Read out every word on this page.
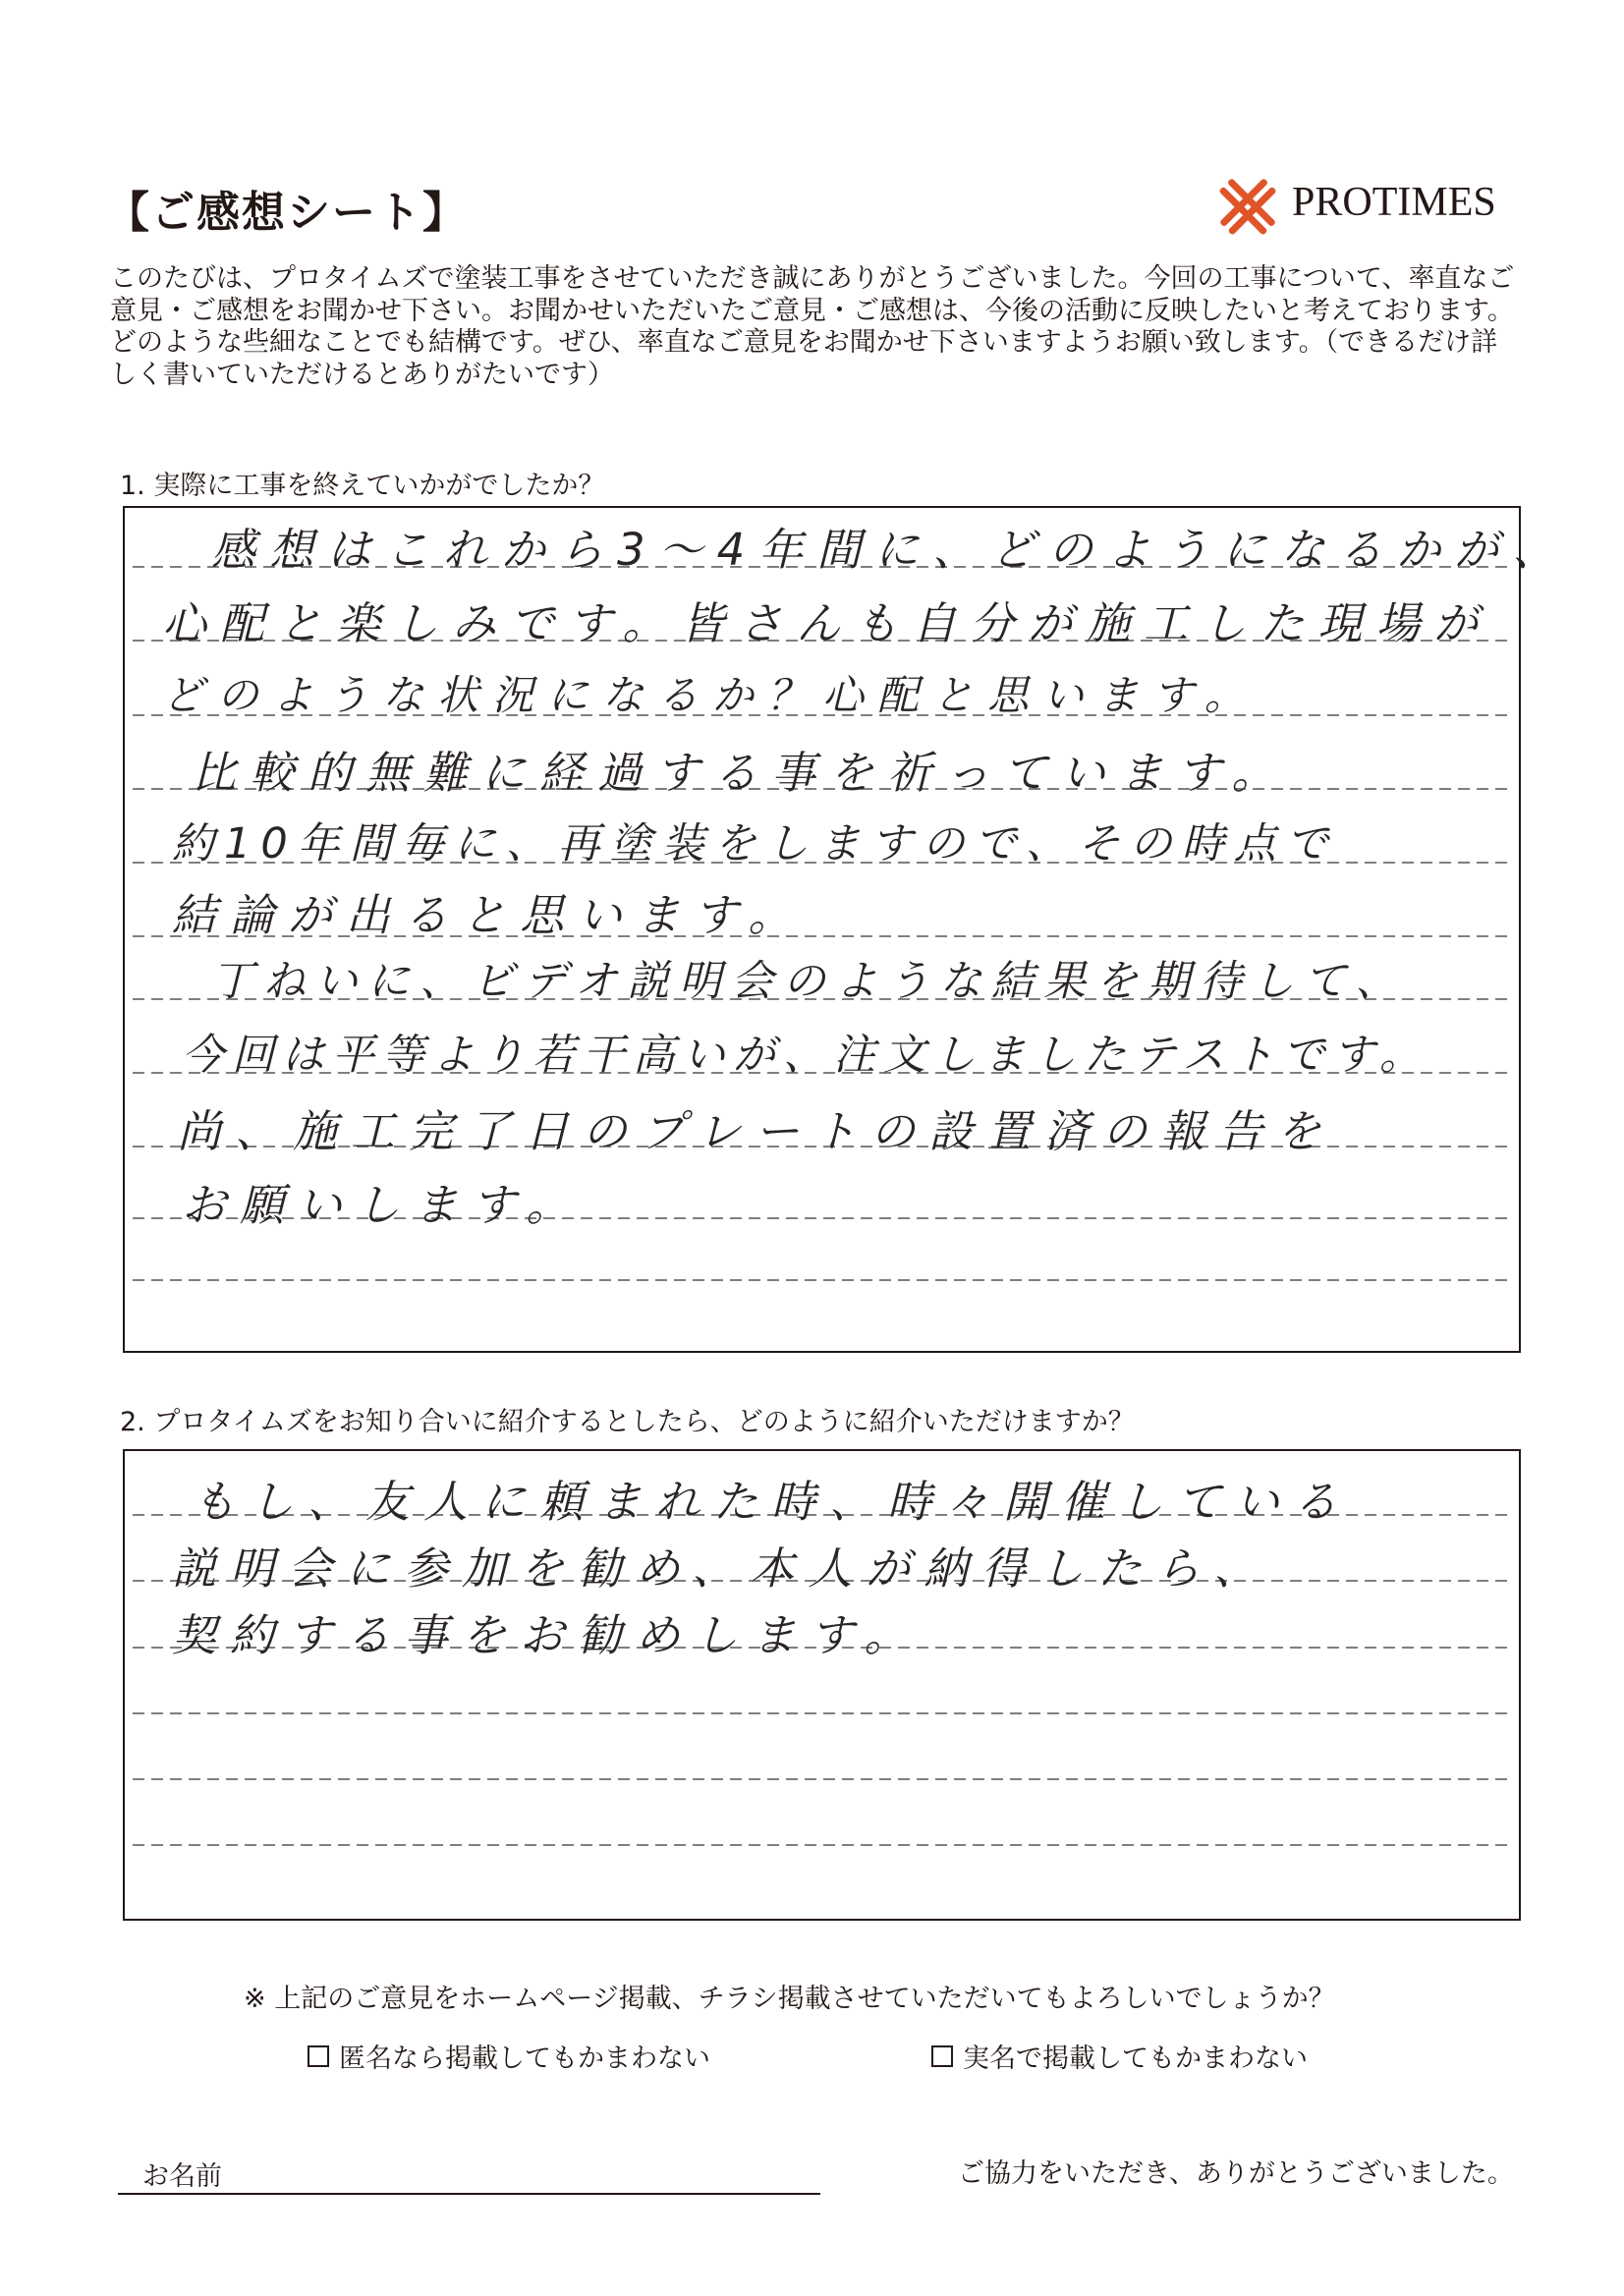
【ご感想シート】	PROTIMES
このたびは、プロタイムズで塗装工事をさせていただき誠にありがとうございました。今回の工事について、率直なご意見・ご感想をお聞かせ下さい。お聞かせいただいたご意見・ご感想は、今後の活動に反映したいと考えております。どのような些細なことでも結構です。ぜひ、率直なご意見をお聞かせ下さいますようお願い致します。（できるだけ詳しく書いていただけるとありがたいです）
1. 実際に工事を終えていかがでしたか？
2. プロタイムズをお知り合いに紹介するとしたら、どのように紹介いただけますか？
感想はこれから3〜4年間に、どのようになるかが、
心配と楽しみです。皆さんも自分が施工した現場が
どのような状況になるか？心配と思います。
比較的無難に経過する事を祈っています。
約10年間毎に、再塗装をしますので、その時点で
結論が出ると思います。
丁ねいに、ビデオ説明会のような結果を期待して、
今回は平等より若干高いが、注文しましたテストです。
尚、施工完了日のプレートの設置済の報告を
お願いします。
もし、友人に頼まれた時、時々開催している
説明会に参加を勧め、本人が納得したら、
契約する事をお勧めします。
※ 上記のご意見をホームページ掲載、チラシ掲載させていただいてもよろしいでしょうか？
匿名なら掲載してもかまわない	実名で掲載してもかまわない
お名前	ご協力をいただき、ありがとうございました。
